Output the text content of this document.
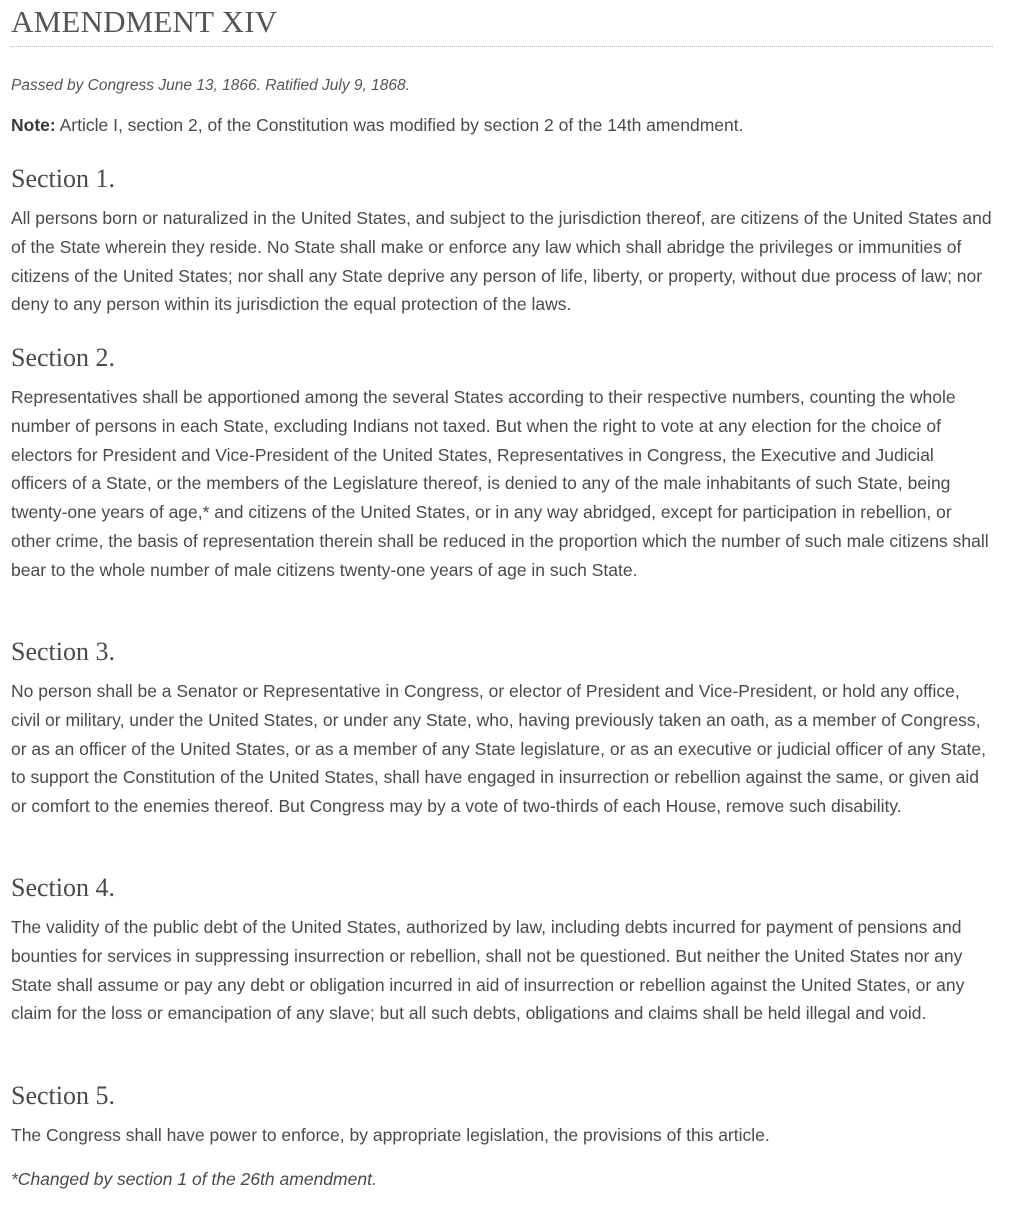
AMENDMENT XIV

Passed by Congress June 13, 1866. Ratified July 9, 1868.

Note: Article I, section 2, of the Constitution was modified by section 2 of the 14th amendment.

Section 1.

All persons born or naturalized in the United States, and subject to the jurisdiction thereof, are citizens of the United States and of the State wherein they reside. No State shall make or enforce any law which shall abridge the privileges or immunities of citizens of the United States; nor shall any State deprive any person of life, liberty, or property, without due process of law; nor deny to any person within its jurisdiction the equal protection of the laws.

Section 2.

Representatives shall be apportioned among the several States according to their respective numbers, counting the whole number of persons in each State, excluding Indians not taxed. But when the right to vote at any election for the choice of electors for President and Vice-President of the United States, Representatives in Congress, the Executive and Judicial officers of a State, or the members of the Legislature thereof, is denied to any of the male inhabitants of such State, being twenty-one years of age,* and citizens of the United States, or in any way abridged, except for participation in rebellion, or other crime, the basis of representation therein shall be reduced in the proportion which the number of such male citizens shall bear to the whole number of male citizens twenty-one years of age in such State.

Section 3.

No person shall be a Senator or Representative in Congress, or elector of President and Vice-President, or hold any office, civil or military, under the United States, or under any State, who, having previously taken an oath, as a member of Congress, or as an officer of the United States, or as a member of any State legislature, or as an executive or judicial officer of any State, to support the Constitution of the United States, shall have engaged in insurrection or rebellion against the same, or given aid or comfort to the enemies thereof. But Congress may by a vote of two-thirds of each House, remove such disability.

Section 4.

The validity of the public debt of the United States, authorized by law, including debts incurred for payment of pensions and bounties for services in suppressing insurrection or rebellion, shall not be questioned. But neither the United States nor any State shall assume or pay any debt or obligation incurred in aid of insurrection or rebellion against the United States, or any claim for the loss or emancipation of any slave; but all such debts, obligations and claims shall be held illegal and void.

Section 5.

The Congress shall have power to enforce, by appropriate legislation, the provisions of this article.

*Changed by section 1 of the 26th amendment.
